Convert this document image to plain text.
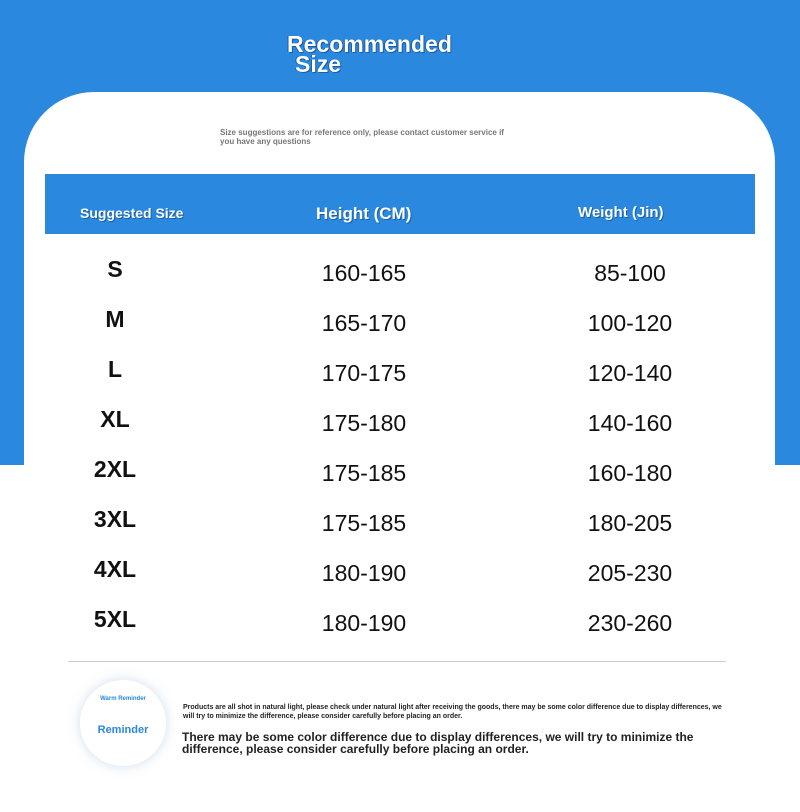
Recommended
Size
Size suggestions are for reference only, please contact customer service if you have any questions
Suggested Size	Height (CM)	Weight (Jin)
S	160-165	85-100
M	165-170	100-120
L	170-175	120-140
XL	175-180	140-160
2XL	175-185	160-180
3XL	175-185	180-205
4XL	180-190	205-230
5XL	180-190	230-260
Warm Reminder
Reminder
Products are all shot in natural light, please check under natural light after receiving the goods, there may be some color difference due to display differences, we will try to minimize the difference, please consider carefully before placing an order.
There may be some color difference due to display differences, we will try to minimize the difference, please consider carefully before placing an order.
